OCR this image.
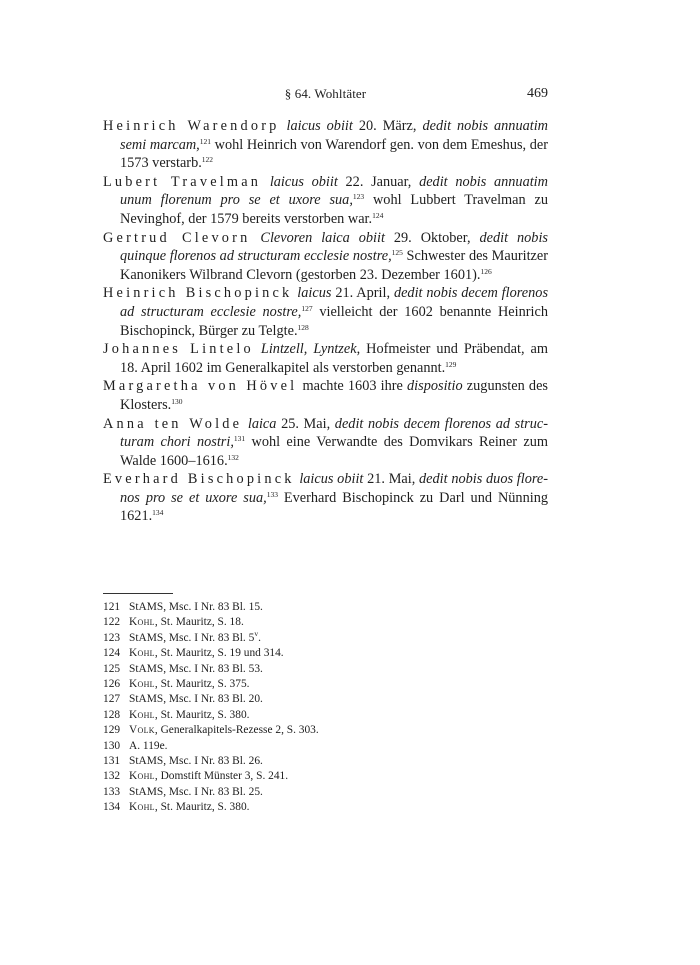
§ 64. Wohltäter	469

Heinrich Warendorp laicus obiit 20. März, dedit nobis annuatim semi marcam,$^{121}$ wohl Heinrich von Warendorf gen. von dem Emeshus, der 1573 verstarb.$^{122}$

Lubert Travelman laicus obiit 22. Januar, dedit nobis annuatim unum florenum pro se et uxore sua,$^{123}$ wohl Lubbert Travelman zu Nevinghof, der 1579 bereits verstorben war.$^{124}$

Gertrud Clevorn Clevoren laica obiit 29. Oktober, dedit nobis quinque florenos ad structuram ecclesie nostre,$^{125}$ Schwester des Mauritzer Kanonikers Wilbrand Clevorn (gestorben 23. Dezember 1601).$^{126}$

Heinrich Bischopinck laicus 21. April, dedit nobis decem florenos ad structuram ecclesie nostre,$^{127}$ vielleicht der 1602 benannte Heinrich Bischopinck, Bürger zu Telgte.$^{128}$

Johannes Lintelo Lintzell, Lyntzek, Hofmeister und Präbendat, am 18. April 1602 im Generalkapitel als verstorben genannt.$^{129}$

Margaretha von Hövel machte 1603 ihre dispositio zugunsten des Klosters.$^{130}$

Anna ten Wolde laica 25. Mai, dedit nobis decem florenos ad structuram chori nostri,$^{131}$ wohl eine Verwandte des Domvikars Reiner zum Walde 1600–1616.$^{132}$

Everhard Bischopinck laicus obiit 21. Mai, dedit nobis duos florenos pro se et uxore sua,$^{133}$ Everhard Bischopinck zu Darl und Nünning 1621.$^{134}$

121 StAMS, Msc. I Nr. 83 Bl. 15.
122 Kohl, St. Mauritz, S. 18.
123 StAMS, Msc. I Nr. 83 Bl. 5$^v$.
124 Kohl, St. Mauritz, S. 19 und 314.
125 StAMS, Msc. I Nr. 83 Bl. 53.
126 Kohl, St. Mauritz, S. 375.
127 StAMS, Msc. I Nr. 83 Bl. 20.
128 Kohl, St. Mauritz, S. 380.
129 Volk, Generalkapitels-Rezesse 2, S. 303.
130 A. 119e.
131 StAMS, Msc. I Nr. 83 Bl. 26.
132 Kohl, Domstift Münster 3, S. 241.
133 StAMS, Msc. I Nr. 83 Bl. 25.
134 Kohl, St. Mauritz, S. 380.
